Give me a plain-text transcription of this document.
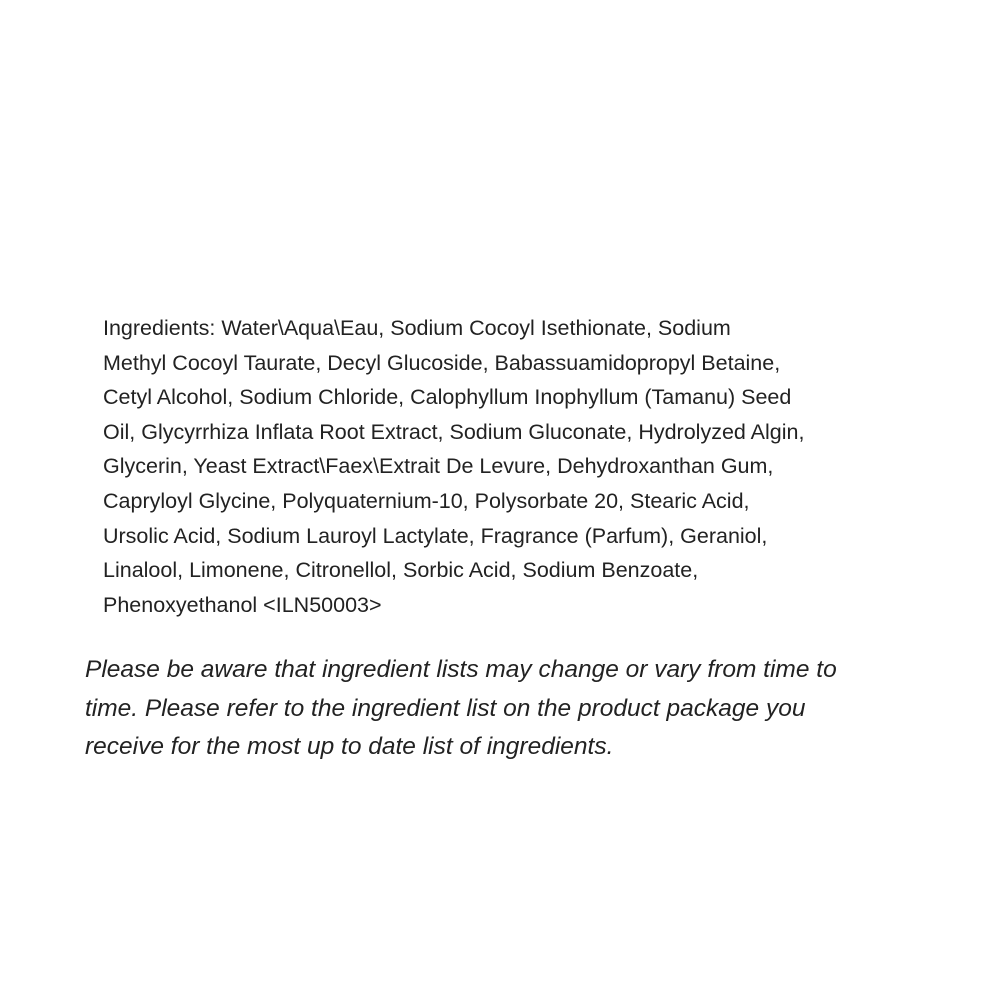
Ingredients: Water\Aqua\Eau, Sodium Cocoyl Isethionate, Sodium
Methyl Cocoyl Taurate, Decyl Glucoside, Babassuamidopropyl Betaine,
Cetyl Alcohol, Sodium Chloride, Calophyllum Inophyllum (Tamanu) Seed
Oil, Glycyrrhiza Inflata Root Extract, Sodium Gluconate, Hydrolyzed Algin,
Glycerin, Yeast Extract\Faex\Extrait De Levure, Dehydroxanthan Gum,
Capryloyl Glycine, Polyquaternium-10, Polysorbate 20, Stearic Acid,
Ursolic Acid, Sodium Lauroyl Lactylate, Fragrance (Parfum), Geraniol,
Linalool, Limonene, Citronellol, Sorbic Acid, Sodium Benzoate,
Phenoxyethanol <ILN50003>
Please be aware that ingredient lists may change or vary from time to
time. Please refer to the ingredient list on the product package you
receive for the most up to date list of ingredients.
